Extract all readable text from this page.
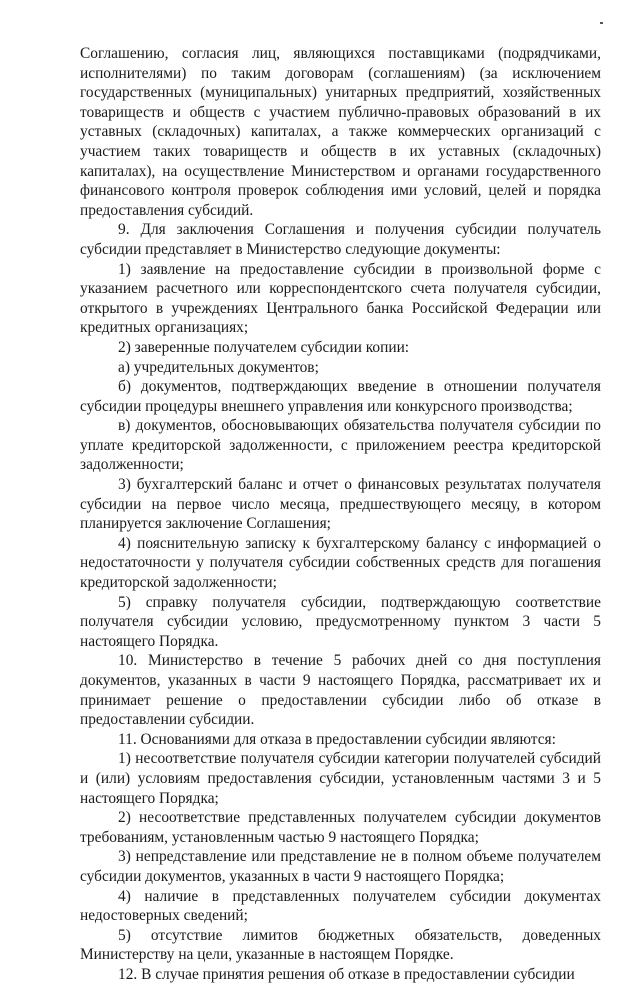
Соглашению, согласия лиц, являющихся поставщиками (подрядчиками, исполнителями) по таким договорам (соглашениям) (за исключением государственных (муниципальных) унитарных предприятий, хозяйственных товариществ и обществ с участием публично-правовых образований в их уставных (складочных) капиталах, а также коммерческих организаций с участием таких товариществ и обществ в их уставных (складочных) капиталах), на осуществление Министерством и органами государственного финансового контроля проверок соблюдения ими условий, целей и порядка предоставления субсидий.

9. Для заключения Соглашения и получения субсидии получатель субсидии представляет в Министерство следующие документы:

1) заявление на предоставление субсидии в произвольной форме с указанием расчетного или корреспондентского счета получателя субсидии, открытого в учреждениях Центрального банка Российской Федерации или кредитных организациях;

2) заверенные получателем субсидии копии:

а) учредительных документов;

б) документов, подтверждающих введение в отношении получателя субсидии процедуры внешнего управления или конкурсного производства;

в) документов, обосновывающих обязательства получателя субсидии по уплате кредиторской задолженности, с приложением реестра кредиторской задолженности;

3) бухгалтерский баланс и отчет о финансовых результатах получателя субсидии на первое число месяца, предшествующего месяцу, в котором планируется заключение Соглашения;

4) пояснительную записку к бухгалтерскому балансу с информацией о недостаточности у получателя субсидии собственных средств для погашения кредиторской задолженности;

5) справку получателя субсидии, подтверждающую соответствие получателя субсидии условию, предусмотренному пунктом 3 части 5 настоящего Порядка.

10. Министерство в течение 5 рабочих дней со дня поступления документов, указанных в части 9 настоящего Порядка, рассматривает их и принимает решение о предоставлении субсидии либо об отказе в предоставлении субсидии.

11. Основаниями для отказа в предоставлении субсидии являются:

1) несоответствие получателя субсидии категории получателей субсидий и (или) условиям предоставления субсидии, установленным частями 3 и 5 настоящего Порядка;

2) несоответствие представленных получателем субсидии документов требованиям, установленным частью 9 настоящего Порядка;

3) непредставление или представление не в полном объеме получателем субсидии документов, указанных в части 9 настоящего Порядка;

4) наличие в представленных получателем субсидии документах недостоверных сведений;

5) отсутствие лимитов бюджетных обязательств, доведенных Министерству на цели, указанные в настоящем Порядке.

12. В случае принятия решения об отказе в предоставлении субсидии
